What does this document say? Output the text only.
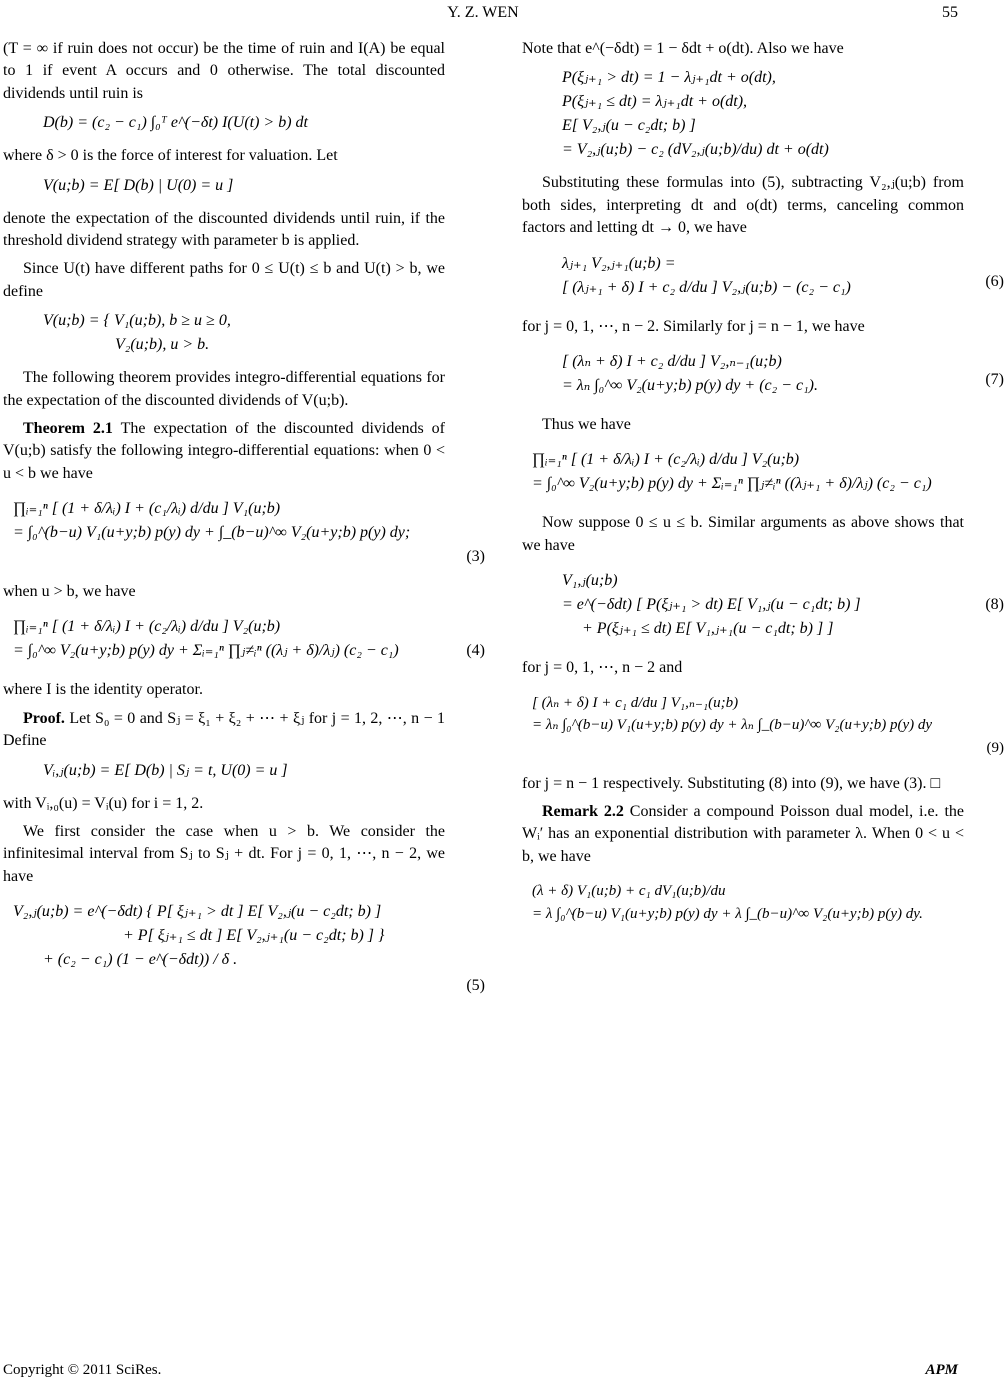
Y. Z. WEN	55

(T = ∞ if ruin does not occur) be the time of ruin and I(A) be equal to 1 if event A occurs and 0 otherwise. The total discounted dividends until ruin is

D(b) = (c₂ − c₁) ∫₀ᵀ e^(−δt) I(U(t) > b) dt

where δ > 0 is the force of interest for valuation. Let

V(u;b) = E[ D(b) | U(0) = u ]

denote the expectation of the discounted dividends until ruin, if the threshold dividend strategy with parameter b is applied.

Since U(t) have different paths for 0 ≤ U(t) ≤ b and U(t) > b, we define

V(u;b) = { V₁(u;b), b ≥ u ≥ 0,
V₂(u;b), u > b.

The following theorem provides integro-differential equations for the expectation of the discounted dividends of V(u;b).

Theorem 2.1 The expectation of the discounted dividends of V(u;b) satisfy the following integro-differential equations: when 0 < u < b we have

∏ᵢ₌₁ⁿ [ (1 + δ/λᵢ) I + (c₁/λᵢ) d/du ] V₁(u;b)
= ∫₀^(b−u) V₁(u+y;b) p(y) dy + ∫_(b−u)^∞ V₂(u+y;b) p(y) dy;
(3)

when u > b, we have

∏ᵢ₌₁ⁿ [ (1 + δ/λᵢ) I + (c₂/λᵢ) d/du ] V₂(u;b)
= ∫₀^∞ V₂(u+y;b) p(y) dy + Σᵢ₌₁ⁿ ∏ⱼ≠ᵢⁿ ((λⱼ + δ)/λⱼ) (c₂ − c₁)	(4)

where I is the identity operator.

Proof. Let S₀ = 0 and Sⱼ = ξ₁ + ξ₂ + ⋯ + ξⱼ for j = 1, 2, ⋯, n − 1 Define

Vᵢ,ⱼ(u;b) = E[ D(b) | Sⱼ = t, U(0) = u ]

with Vᵢ,₀(u) = Vᵢ(u) for i = 1, 2.

We first consider the case when u > b. We consider the infinitesimal interval from Sⱼ to Sⱼ + dt. For j = 0, 1, ⋯, n − 2, we have

V₂,ⱼ(u;b) = e^(−δdt) { P[ ξⱼ₊₁ > dt ] E[ V₂,ⱼ(u − c₂dt; b) ]
+ P[ ξⱼ₊₁ ≤ dt ] E[ V₂,ⱼ₊₁(u − c₂dt; b) ] }
+ (c₂ − c₁) (1 − e^(−δdt)) / δ .
(5)

Note that e^(−δdt) = 1 − δdt + o(dt). Also we have

P(ξⱼ₊₁ > dt) = 1 − λⱼ₊₁dt + o(dt),
P(ξⱼ₊₁ ≤ dt) = λⱼ₊₁dt + o(dt),
E[ V₂,ⱼ(u − c₂dt; b) ]
= V₂,ⱼ(u;b) − c₂ (dV₂,ⱼ(u;b)/du) dt + o(dt)

Substituting these formulas into (5), subtracting V₂,ⱼ(u;b) from both sides, interpreting dt and o(dt) terms, canceling common factors and letting dt → 0, we have

λⱼ₊₁ V₂,ⱼ₊₁(u;b) =
[ (λⱼ₊₁ + δ) I + c₂ d/du ] V₂,ⱼ(u;b) − (c₂ − c₁)	(6)

for j = 0, 1, ⋯, n − 2. Similarly for j = n − 1, we have

[ (λₙ + δ) I + c₂ d/du ] V₂,ₙ₋₁(u;b)
= λₙ ∫₀^∞ V₂(u+y;b) p(y) dy + (c₂ − c₁).	(7)

Thus we have

∏ᵢ₌₁ⁿ [ (1 + δ/λᵢ) I + (c₂/λᵢ) d/du ] V₂(u;b)
= ∫₀^∞ V₂(u+y;b) p(y) dy + Σᵢ₌₁ⁿ ∏ⱼ≠ᵢⁿ ((λⱼ₊₁ + δ)/λⱼ) (c₂ − c₁)

Now suppose 0 ≤ u ≤ b. Similar arguments as above shows that we have

V₁,ⱼ(u;b)
= e^(−δdt) [ P(ξⱼ₊₁ > dt) E[ V₁,ⱼ(u − c₁dt; b) ]
+ P(ξⱼ₊₁ ≤ dt) E[ V₁,ⱼ₊₁(u − c₁dt; b) ] ]
(8)

for j = 0, 1, ⋯, n − 2 and

[ (λₙ + δ) I + c₁ d/du ] V₁,ₙ₋₁(u;b)
= λₙ ∫₀^(b−u) V₁(u+y;b) p(y) dy + λₙ ∫_(b−u)^∞ V₂(u+y;b) p(y) dy
(9)

for j = n − 1 respectively. Substituting (8) into (9), we have (3). □

Remark 2.2 Consider a compound Poisson dual model, i.e. the Wᵢ′ has an exponential distribution with parameter λ. When 0 < u < b, we have

(λ + δ) V₁(u;b) + c₁ dV₁(u;b)/du
= λ ∫₀^(b−u) V₁(u+y;b) p(y) dy + λ ∫_(b−u)^∞ V₂(u+y;b) p(y) dy.
Copyright © 2011 SciRes.	APM
